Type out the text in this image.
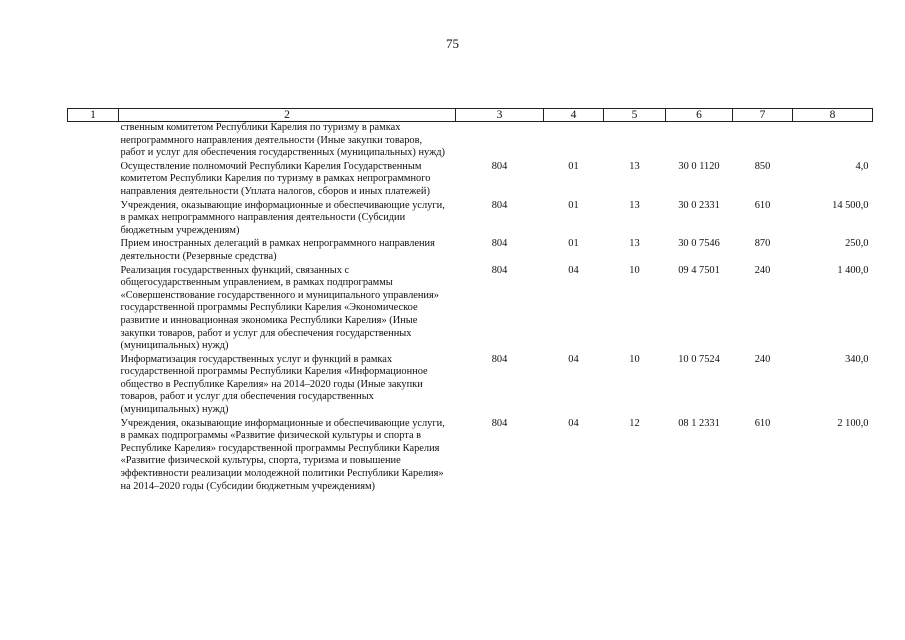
75
1	2	3	4	5	6	7	8
ственным комитетом Республики Карелия по туризму в рамках непрограммного направления деятельности (Иные закупки товаров, работ и услуг для обеспечения государственных (муниципальных) нужд)							
Осуществление полномочий Республики Карелия Государственным комитетом Республики Карелия по туризму в рамках непрограммного направления деятельности (Уплата налогов, сборов и иных платежей)		804	01	13	30 0 1120	850	4,0
Учреждения, оказывающие информационные и обеспечивающие услуги, в рамках непрограммного направления деятельности (Субсидии бюджетным учреждениям)		804	01	13	30 0 2331	610	14 500,0
Прием иностранных делегаций в рамках непрограммного направления деятельности (Резервные средства)		804	01	13	30 0 7546	870	250,0
Реализация государственных функций, связанных с общегосударственным управлением, в рамках подпрограммы «Совершенствование государственного и муниципального управления» государственной программы Республики Карелия «Экономическое развитие и инновационная экономика Республики Карелия» (Иные закупки товаров, работ и услуг для обеспечения государственных (муниципальных) нужд)		804	04	10	09 4 7501	240	1 400,0
Информатизация государственных услуг и функций в рамках государственной программы Республики Карелия «Информационное общество в Республике Карелия» на 2014–2020 годы (Иные закупки товаров, работ и услуг для обеспечения государственных (муниципальных) нужд)		804	04	10	10 0 7524	240	340,0
Учреждения, оказывающие информационные и обеспечивающие услуги, в рамках подпрограммы «Развитие физической культуры и спорта в Республике Карелия» государственной программы Республики Карелия «Развитие физической культуры, спорта, туризма и повышение эффективности реализации молодежной политики Республики Карелия» на 2014–2020 годы (Субсидии бюджетным учреждениям)		804	04	12	08 1 2331	610	2 100,0
